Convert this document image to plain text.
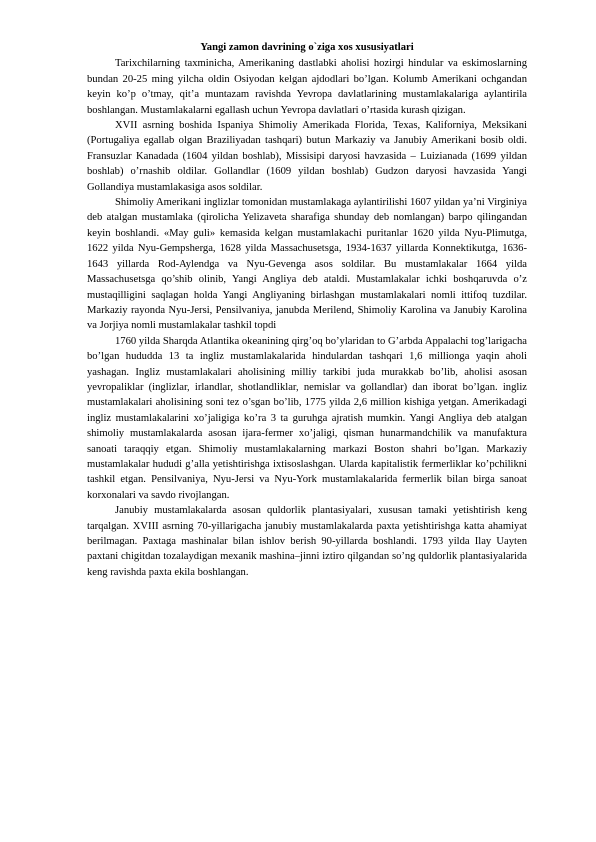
Yangi zamon davrining o`ziga xos xususiyatlari

Tarixchilarning taxminicha, Amerikaning dastlabki aholisi hozirgi hindular va eskimoslarning bundan 20-25 ming yilcha oldin Osiyodan kelgan ajdodlari bo’lgan. Kolumb Amerikani ochgandan keyin ko’p o’tmay, qit’a muntazam ravishda Yevropa davlatlarining mustamlakalariga aylantirila boshlangan. Mustamlakalarni egallash uchun Yevropa davlatlari o’rtasida kurash qizigan.

XVII asrning boshida Ispaniya Shimoliy Amerikada Florida, Texas, Kaliforniya, Meksikani (Portugaliya egallab olgan Braziliyadan tashqari) butun Markaziy va Janubiy Amerikani bosib oldi. Fransuzlar Kanadada (1604 yildan boshlab), Missisipi daryosi havzasida – Luizianada (1699 yildan boshlab) o’rnashib oldilar. Gollandlar (1609 yildan boshlab) Gudzon daryosi havzasida Yangi Gollandiya mustamlakasiga asos soldilar.

Shimoliy Amerikani inglizlar tomonidan mustamlakaga aylantirilishi 1607 yildan ya’ni Virginiya deb atalgan mustamlaka (qirolicha Yelizaveta sharafiga shunday deb nomlangan) barpo qilingandan keyin boshlandi. «May guli» kemasida kelgan mustamlakachi puritanlar 1620 yilda Nyu-Plimutga, 1622 yilda Nyu-Gempsherga, 1628 yilda Massachusetsga, 1934-1637 yillarda Konnektikutga, 1636-1643 yillarda Rod-Aylendga va Nyu-Gevenga asos soldilar. Bu mustamlakalar 1664 yilda Massachusetsga qo’shib olinib, Yangi Angliya deb ataldi. Mustamlakalar ichki boshqaruvda o’z mustaqilligini saqlagan holda Yangi Angliyaning birlashgan mustamlakalari nomli ittifoq tuzdilar. Markaziy rayonda Nyu-Jersi, Pensilvaniya, janubda Merilend, Shimoliy Karolina va Janubiy Karolina va Jorjiya nomli mustamlakalar tashkil topdi

1760 yilda Sharqda Atlantika okeanining qirg’oq bo’ylaridan to G’arbda Appalachi tog’larigacha bo’lgan hududda 13 ta ingliz mustamlakalarida hindulardan tashqari 1,6 millionga yaqin aholi yashagan. Ingliz mustamlakalari aholisining milliy tarkibi juda murakkab bo’lib, aholisi asosan yevropaliklar (inglizlar, irlandlar, shotlandliklar, nemislar va gollandlar) dan iborat bo’lgan. ingliz mustamlakalari aholisining soni tez o’sgan bo’lib, 1775 yilda 2,6 million kishiga yetgan. Amerikadagi ingliz mustamlakalarini xo’jaligiga ko’ra 3 ta guruhga ajratish mumkin. Yangi Angliya deb atalgan shimoliy mustamlakalarda asosan ijara-fermer xo’jaligi, qisman hunarmandchilik va manufaktura sanoati taraqqiy etgan. Shimoliy mustamlakalarning markazi Boston shahri bo’lgan. Markaziy mustamlakalar hududi g’alla yetishtirishga ixtisoslashgan. Ularda kapitalistik fermerliklar ko’pchilikni tashkil etgan. Pensilvaniya, Nyu-Jersi va Nyu-York mustamlakalarida fermerlik bilan birga sanoat korxonalari va savdo rivojlangan.

Janubiy mustamlakalarda asosan quldorlik plantasiyalari, xususan tamaki yetishtirish keng tarqalgan. XVIII asrning 70-yillarigacha janubiy mustamlakalarda paxta yetishtirishga katta ahamiyat berilmagan. Paxtaga mashinalar bilan ishlov berish 90-yillarda boshlandi. 1793 yilda Ilay Uayten paxtani chigitdan tozalaydigan mexanik mashina–jinni iztiro qilgandan so’ng quldorlik plantasiyalarida keng ravishda paxta ekila boshlangan.
